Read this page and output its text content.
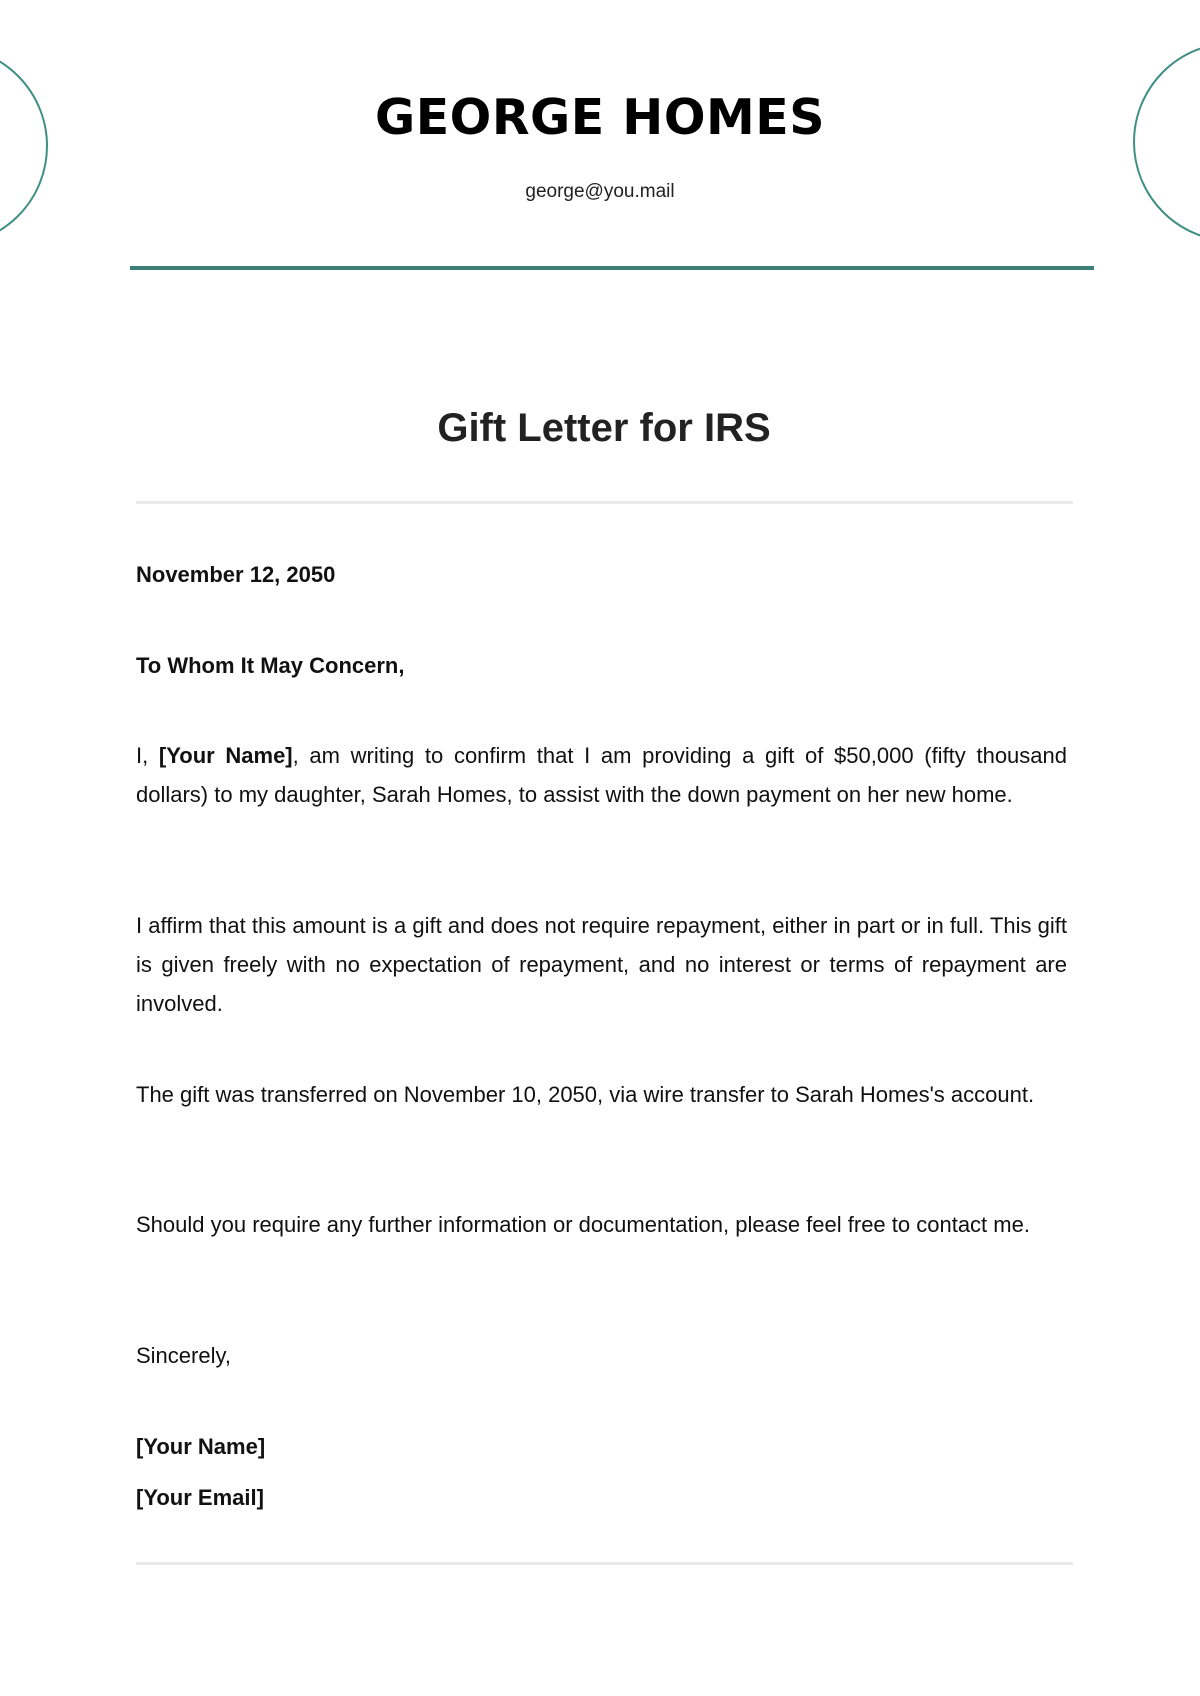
GEORGE HOMES
george@you.mail
Gift Letter for IRS
November 12, 2050
To Whom It May Concern,
I, [Your Name], am writing to confirm that I am providing a gift of $50,000 (fifty thousand dollars) to my daughter, Sarah Homes, to assist with the down payment on her new home.
I affirm that this amount is a gift and does not require repayment, either in part or in full. This gift is given freely with no expectation of repayment, and no interest or terms of repayment are involved.
The gift was transferred on November 10, 2050, via wire transfer to Sarah Homes's account.
Should you require any further information or documentation, please feel free to contact me.
Sincerely,
[Your Name]
[Your Email]
